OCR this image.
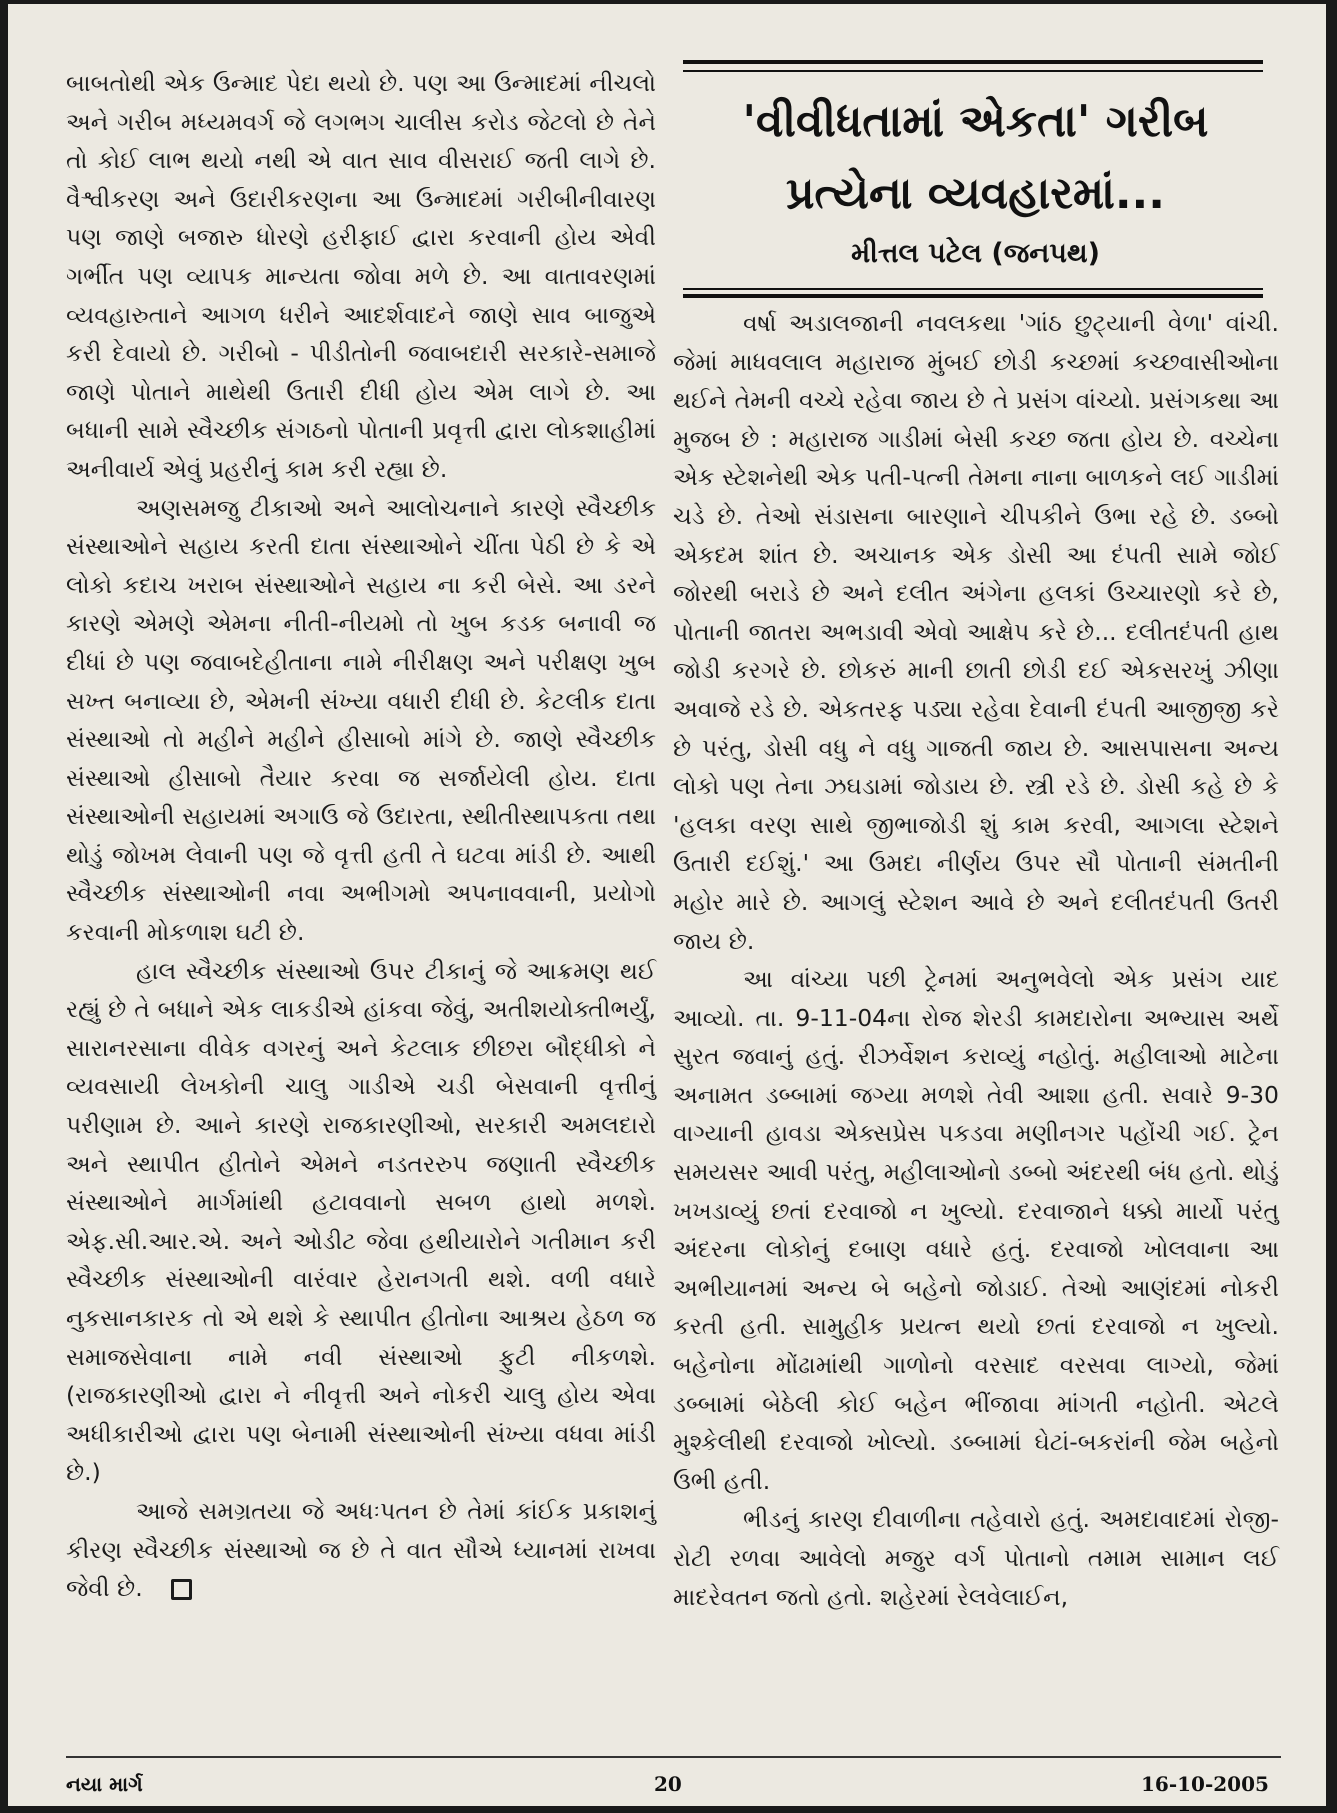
બાબતોથી એક ઉન્માદ પેદા થયો છે. પણ આ ઉન્માદમાં નીચલો અને ગરીબ મધ્યમવર્ગ જે લગભગ ચાલીસ કરોડ જેટલો છે તેને તો કોઈ લાભ થયો નથી એ વાત સાવ વીસરાઈ જતી લાગે છે. વૈશ્વીકરણ અને ઉદારીકરણના આ ઉન્માદમાં ગરીબીનીવારણ પણ જાણે બજારુ ધોરણે હરીફાઈ દ્વારા કરવાની હોય એવી ગર્ભીત પણ વ્યાપક માન્યતા જોવા મળે છે. આ વાતાવરણમાં વ્યવહારુતાને આગળ ધરીને આદર્શવાદને જાણે સાવ બાજુએ કરી દેવાયો છે. ગરીબો - પીડીતોની જવાબદારી સરકારે-સમાજે જાણે પોતાને માથેથી ઉતારી દીધી હોય એમ લાગે છે. આ બધાની સામે સ્વૈચ્છીક સંગઠનો પોતાની પ્રવૃત્તી દ્વારા લોકશાહીમાં અનીવાર્ય એવું પ્રહરીનું કામ કરી રહ્યા છે.

અણસમજુ ટીકાઓ અને આલોચનાને કારણે સ્વૈચ્છીક સંસ્થાઓને સહાય કરતી દાતા સંસ્થાઓને ચીંતા પેઠી છે કે એ લોકો કદાચ ખરાબ સંસ્થાઓને સહાય ના કરી બેસે. આ ડરને કારણે એમણે એમના નીતી-નીયમો તો ખુબ કડક બનાવી જ દીધાં છે પણ જવાબદેહીતાના નામે નીરીક્ષણ અને પરીક્ષણ ખુબ સખ્ત બનાવ્યા છે, એમની સંખ્યા વધારી દીધી છે. કેટલીક દાતા સંસ્થાઓ તો મહીને મહીને હીસાબો માંગે છે. જાણે સ્વૈચ્છીક સંસ્થાઓ હીસાબો તૈયાર કરવા જ સર્જાયેલી હોય. દાતા સંસ્થાઓની સહાયમાં અગાઉ જે ઉદારતા, સ્થીતીસ્થાપકતા તથા થોડું જોખમ લેવાની પણ જે વૃત્તી હતી તે ઘટવા માંડી છે. આથી સ્વૈચ્છીક સંસ્થાઓની નવા અભીગમો અપનાવવાની, પ્રયોગો કરવાની મોકળાશ ઘટી છે.

હાલ સ્વૈચ્છીક સંસ્થાઓ ઉપર ટીકાનું જે આક્રમણ થઈ રહ્યું છે તે બધાને એક લાકડીએ હાંકવા જેવું, અતીશયોક્તીભર્યું, સારાનરસાના વીવેક વગરનું અને કેટલાક છીછરા બૌદ્ધીકો ને વ્યવસાયી લેખકોની ચાલુ ગાડીએ ચડી બેસવાની વૃત્તીનું પરીણામ છે. આને કારણે રાજકારણીઓ, સરકારી અમલદારો અને સ્થાપીત હીતોને એમને નડતરરુપ જણાતી સ્વૈચ્છીક સંસ્થાઓને માર્ગમાંથી હટાવવાનો સબળ હાથો મળશે. એફ.સી.આર.એ. અને ઓડીટ જેવા હથીયારોને ગતીમાન કરી સ્વૈચ્છીક સંસ્થાઓની વારંવાર હેરાનગતી થશે. વળી વધારે નુકસાનકારક તો એ થશે કે સ્થાપીત હીતોના આશ્રય હેઠળ જ સમાજસેવાના નામે નવી સંસ્થાઓ ફુટી નીકળશે. (રાજકારણીઓ દ્વારા ને નીવૃત્તી અને નોકરી ચાલુ હોય એવા અધીકારીઓ દ્વારા પણ બેનામી સંસ્થાઓની સંખ્યા વધવા માંડી છે.)

આજે સમગ્રતયા જે અધઃપતન છે તેમાં કાંઈક પ્રકાશનું કીરણ સ્વૈચ્છીક સંસ્થાઓ જ છે તે વાત સૌએ ધ્યાનમાં રાખવા જેવી છે.

'વીવીધતામાં એકતા' ગરીબ
પ્રત્યેના વ્યવહારમાં...
મીત્તલ પટેલ (જનપથ)

વર્ષા અડાલજાની નવલકથા 'ગાંઠ છુટ્યાની વેળા' વાંચી. જેમાં માધવલાલ મહારાજ મુંબઈ છોડી કચ્છમાં કચ્છવાસીઓના થઈને તેમની વચ્ચે રહેવા જાય છે તે પ્રસંગ વાંચ્યો. પ્રસંગકથા આ મુજબ છે : મહારાજ ગાડીમાં બેસી કચ્છ જતા હોય છે. વચ્ચેના એક સ્ટેશનેથી એક પતી-પત્ની તેમના નાના બાળકને લઈ ગાડીમાં ચડે છે. તેઓ સંડાસના બારણાને ચીપકીને ઉભા રહે છે. ડબ્બો એકદમ શાંત છે. અચાનક એક ડોસી આ દંપતી સામે જોઈ જોરથી બરાડે છે અને દલીત અંગેના હલકાં ઉચ્ચારણો કરે છે, પોતાની જાતરા અભડાવી એવો આક્ષેપ કરે છે... દલીતદંપતી હાથ જોડી કરગરે છે. છોકરું માની છાતી છોડી દઈ એકસરખું ઝીણા અવાજે રડે છે. એકતરફ પડ્યા રહેવા દેવાની દંપતી આજીજી કરે છે પરંતુ, ડોસી વધુ ને વધુ ગાજતી જાય છે. આસપાસના અન્ય લોકો પણ તેના ઝઘડામાં જોડાય છે. સ્ત્રી રડે છે. ડોસી કહે છે કે 'હલકા વરણ સાથે જીભાજોડી શું કામ કરવી, આગલા સ્ટેશને ઉતારી દઈશું.' આ ઉમદા નીર્ણય ઉપર સૌ પોતાની સંમતીની મહોર મારે છે. આગલું સ્ટેશન આવે છે અને દલીતદંપતી ઉતરી જાય છે.

આ વાંચ્યા પછી ટ્રેનમાં અનુભવેલો એક પ્રસંગ યાદ આવ્યો. તા. 9-11-04ના રોજ શેરડી કામદારોના અભ્યાસ અર્થે સુરત જવાનું હતું. રીઝર્વેશન કરાવ્યું નહોતું. મહીલાઓ માટેના અનામત ડબ્બામાં જગ્યા મળશે તેવી આશા હતી. સવારે 9-30 વાગ્યાની હાવડા એક્સપ્રેસ પકડવા મણીનગર પહોંચી ગઈ. ટ્રેન સમયસર આવી પરંતુ, મહીલાઓનો ડબ્બો અંદરથી બંધ હતો. થોડું ખખડાવ્યું છતાં દરવાજો ન ખુલ્યો. દરવાજાને ધક્કો માર્યો પરંતુ અંદરના લોકોનું દબાણ વધારે હતું. દરવાજો ખોલવાના આ અભીયાનમાં અન્ય બે બહેનો જોડાઈ. તેઓ આણંદમાં નોકરી કરતી હતી. સામુહીક પ્રયત્ન થયો છતાં દરવાજો ન ખુલ્યો. બહેનોના મોંઢામાંથી ગાળોનો વરસાદ વરસવા લાગ્યો, જેમાં ડબ્બામાં બેઠેલી કોઈ બહેન ભીંજાવા માંગતી નહોતી. એટલે મુશ્કેલીથી દરવાજો ખોલ્યો. ડબ્બામાં ઘેટાં-બકરાંની જેમ બહેનો ઉભી હતી.

ભીડનું કારણ દીવાળીના તહેવારો હતું. અમદાવાદમાં રોજી-રોટી રળવા આવેલો મજુર વર્ગ પોતાનો તમામ સામાન લઈ માદરેવતન જતો હતો. શહેરમાં રેલવેલાઈન,

નયા માર્ગ	20	16-10-2005
